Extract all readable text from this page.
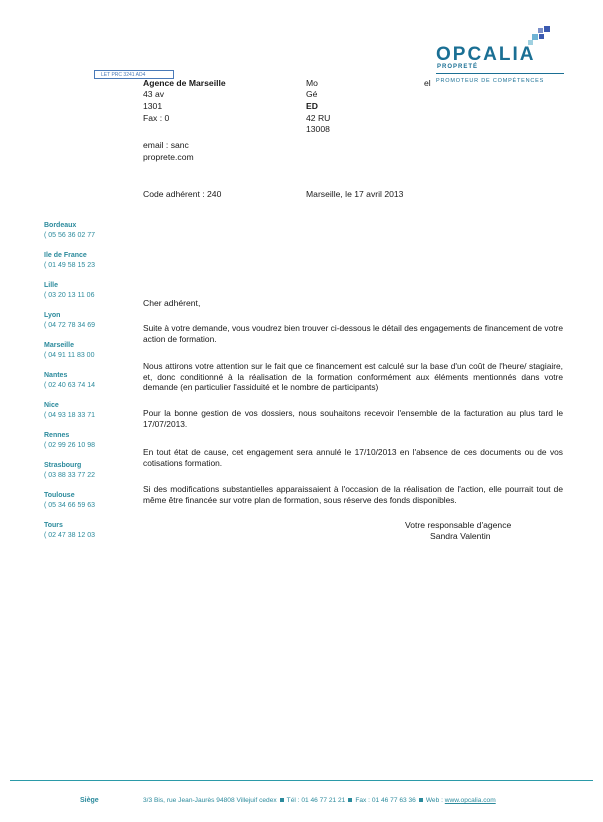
OPCALIA
PROPRETÉ
PROMOTEUR DE COMPÉTENCES
LET PRC 3241 AD4
Agence de Marseille
43 av
1301
Fax : 0
email : sanc
proprete.com
Mo	el
Gé
ED
42 RU
13008
Code adhérent : 240	Marseille, le 17 avril 2013
Bordeaux
( 05 56 36 02 77
Ile de France
( 01 49 58 15 23
Lille
( 03 20 13 11 06
Lyon
( 04 72 78 34 69
Marseille
( 04 91 11 83 00
Nantes
( 02 40 63 74 14
Nice
( 04 93 18 33 71
Rennes
( 02 99 26 10 98
Strasbourg
( 03 88 33 77 22
Toulouse
( 05 34 66 59 63
Tours
( 02 47 38 12 03
Cher adhérent,
Suite à votre demande, vous voudrez bien trouver ci-dessous le détail des engagements de financement de votre action de formation.
Nous attirons votre attention sur le fait que ce financement est calculé sur la base d'un coût de l'heure/ stagiaire, et, donc conditionné à la réalisation de la formation conformément aux éléments mentionnés dans votre demande (en particulier l'assiduité et le nombre de participants)
Pour la bonne gestion de vos dossiers, nous souhaitons recevoir l'ensemble de la facturation au plus tard le 17/07/2013.
En tout état de cause, cet engagement sera annulé le 17/10/2013 en l'absence de ces documents ou de vos cotisations formation.
Si des modifications substantielles apparaissaient à l'occasion de la réalisation de l'action, elle pourrait tout de même être financée sur votre plan de formation, sous réserve des fonds disponibles.
Votre responsable d'agence
Sandra Valentin
Siège	3/3 Bis, rue Jean-Jaurès 94808 Villejuif cedex Tél : 01 46 77 21 21 Fax : 01 46 77 63 36 Web : www.opcalia.com
